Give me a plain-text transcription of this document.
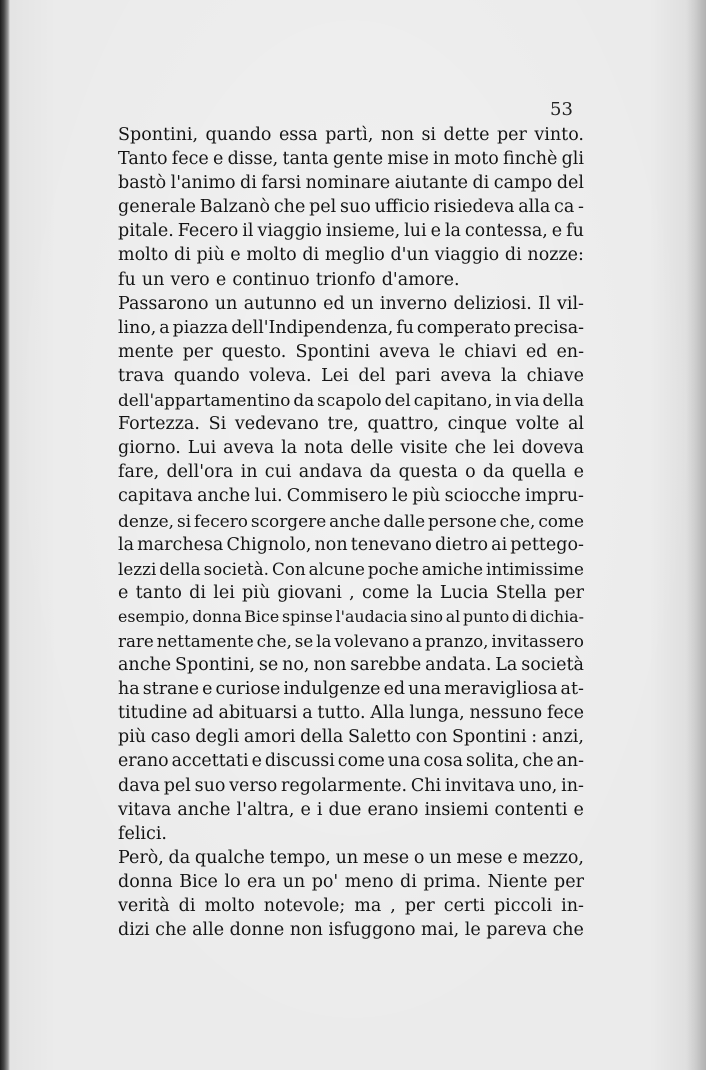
53
Spontini, quando essa partì, non si dette per vinto.
Tanto fece e disse, tanta gente mise in moto finchè gli
bastò l'animo di farsi nominare aiutante di campo del
generale Balzanò che pel suo ufficio risiedeva alla ca -
pitale. Fecero il viaggio insieme, lui e la contessa, e fu
molto di più e molto di meglio d'un viaggio di nozze:
fu un vero e continuo trionfo d'amore.
Passarono un autunno ed un inverno deliziosi. Il vil-
lino, a piazza dell'Indipendenza, fu comperato precisa-
mente per questo. Spontini aveva le chiavi ed en-
trava quando voleva. Lei del pari aveva la chiave
dell'appartamentino da scapolo del capitano, in via della
Fortezza. Si vedevano tre, quattro, cinque volte al
giorno. Lui aveva la nota delle visite che lei doveva
fare, dell'ora in cui andava da questa o da quella e
capitava anche lui. Commisero le più sciocche impru-
denze, si fecero scorgere anche dalle persone che, come
la marchesa Chignolo, non tenevano dietro ai pettego-
lezzi della società. Con alcune poche amiche intimissime
e tanto di lei più giovani , come la Lucia Stella per
esempio, donna Bice spinse l'audacia sino al punto di dichia-
rare nettamente che, se la volevano a pranzo, invitassero
anche Spontini, se no, non sarebbe andata. La società
ha strane e curiose indulgenze ed una meravigliosa at-
titudine ad abituarsi a tutto. Alla lunga, nessuno fece
più caso degli amori della Saletto con Spontini : anzi,
erano accettati e discussi come una cosa solita, che an-
dava pel suo verso regolarmente. Chi invitava uno, in-
vitava anche l'altra, e i due erano insiemi contenti e
felici.
Però, da qualche tempo, un mese o un mese e mezzo,
donna Bice lo era un po' meno di prima. Niente per
verità di molto notevole; ma , per certi piccoli in-
dizi che alle donne non isfuggono mai, le pareva che
